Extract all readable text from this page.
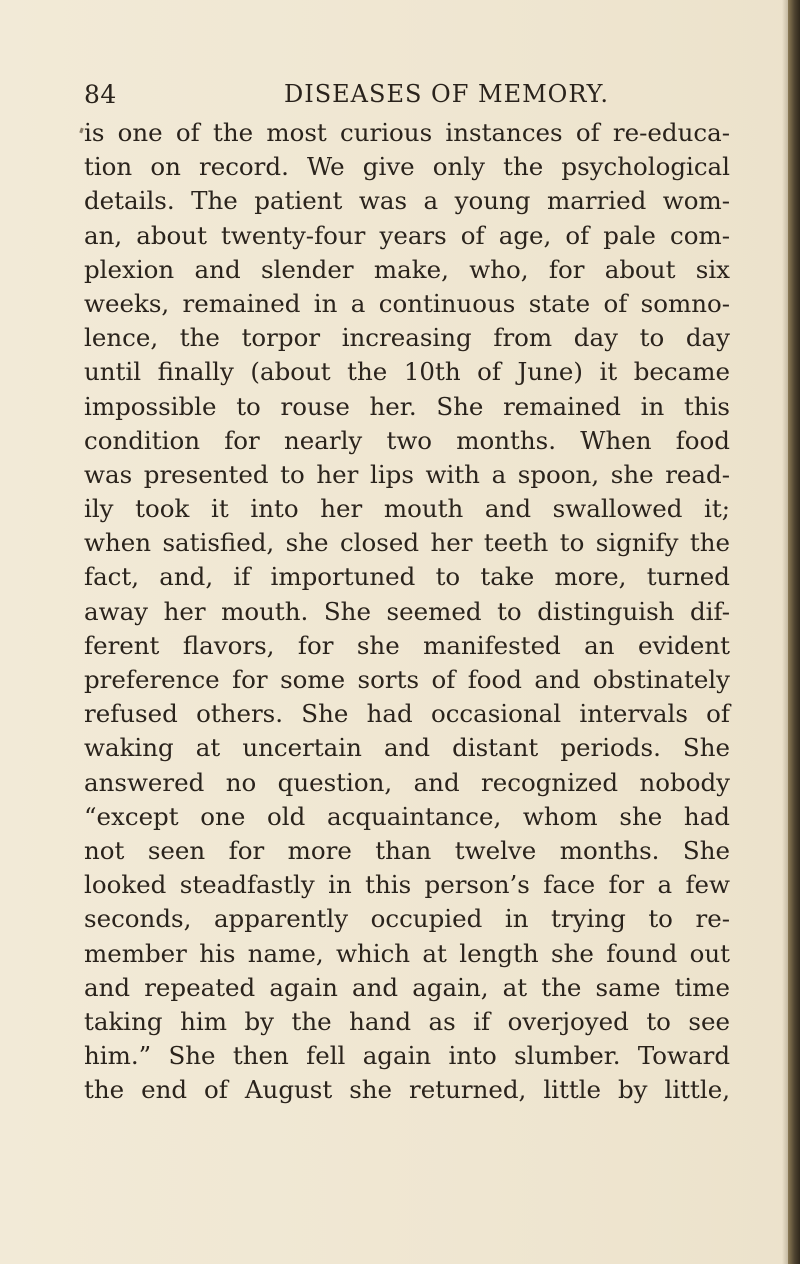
84	DISEASES OF MEMORY.
is one of the most curious instances of re-educa-
tion on record. We give only the psychological
details. The patient was a young married wom-
an, about twenty-four years of age, of pale com-
plexion and slender make, who, for about six
weeks, remained in a continuous state of somno-
lence, the torpor increasing from day to day
until finally (about the 10th of June) it became
impossible to rouse her. She remained in this
condition for nearly two months. When food
was presented to her lips with a spoon, she read-
ily took it into her mouth and swallowed it;
when satisfied, she closed her teeth to signify the
fact, and, if importuned to take more, turned
away her mouth. She seemed to distinguish dif-
ferent flavors, for she manifested an evident
preference for some sorts of food and obstinately
refused others. She had occasional intervals of
waking at uncertain and distant periods. She
answered no question, and recognized nobody
“except one old acquaintance, whom she had
not seen for more than twelve months. She
looked steadfastly in this person’s face for a few
seconds, apparently occupied in trying to re-
member his name, which at length she found out
and repeated again and again, at the same time
taking him by the hand as if overjoyed to see
him.” She then fell again into slumber. Toward
the end of August she returned, little by little,
